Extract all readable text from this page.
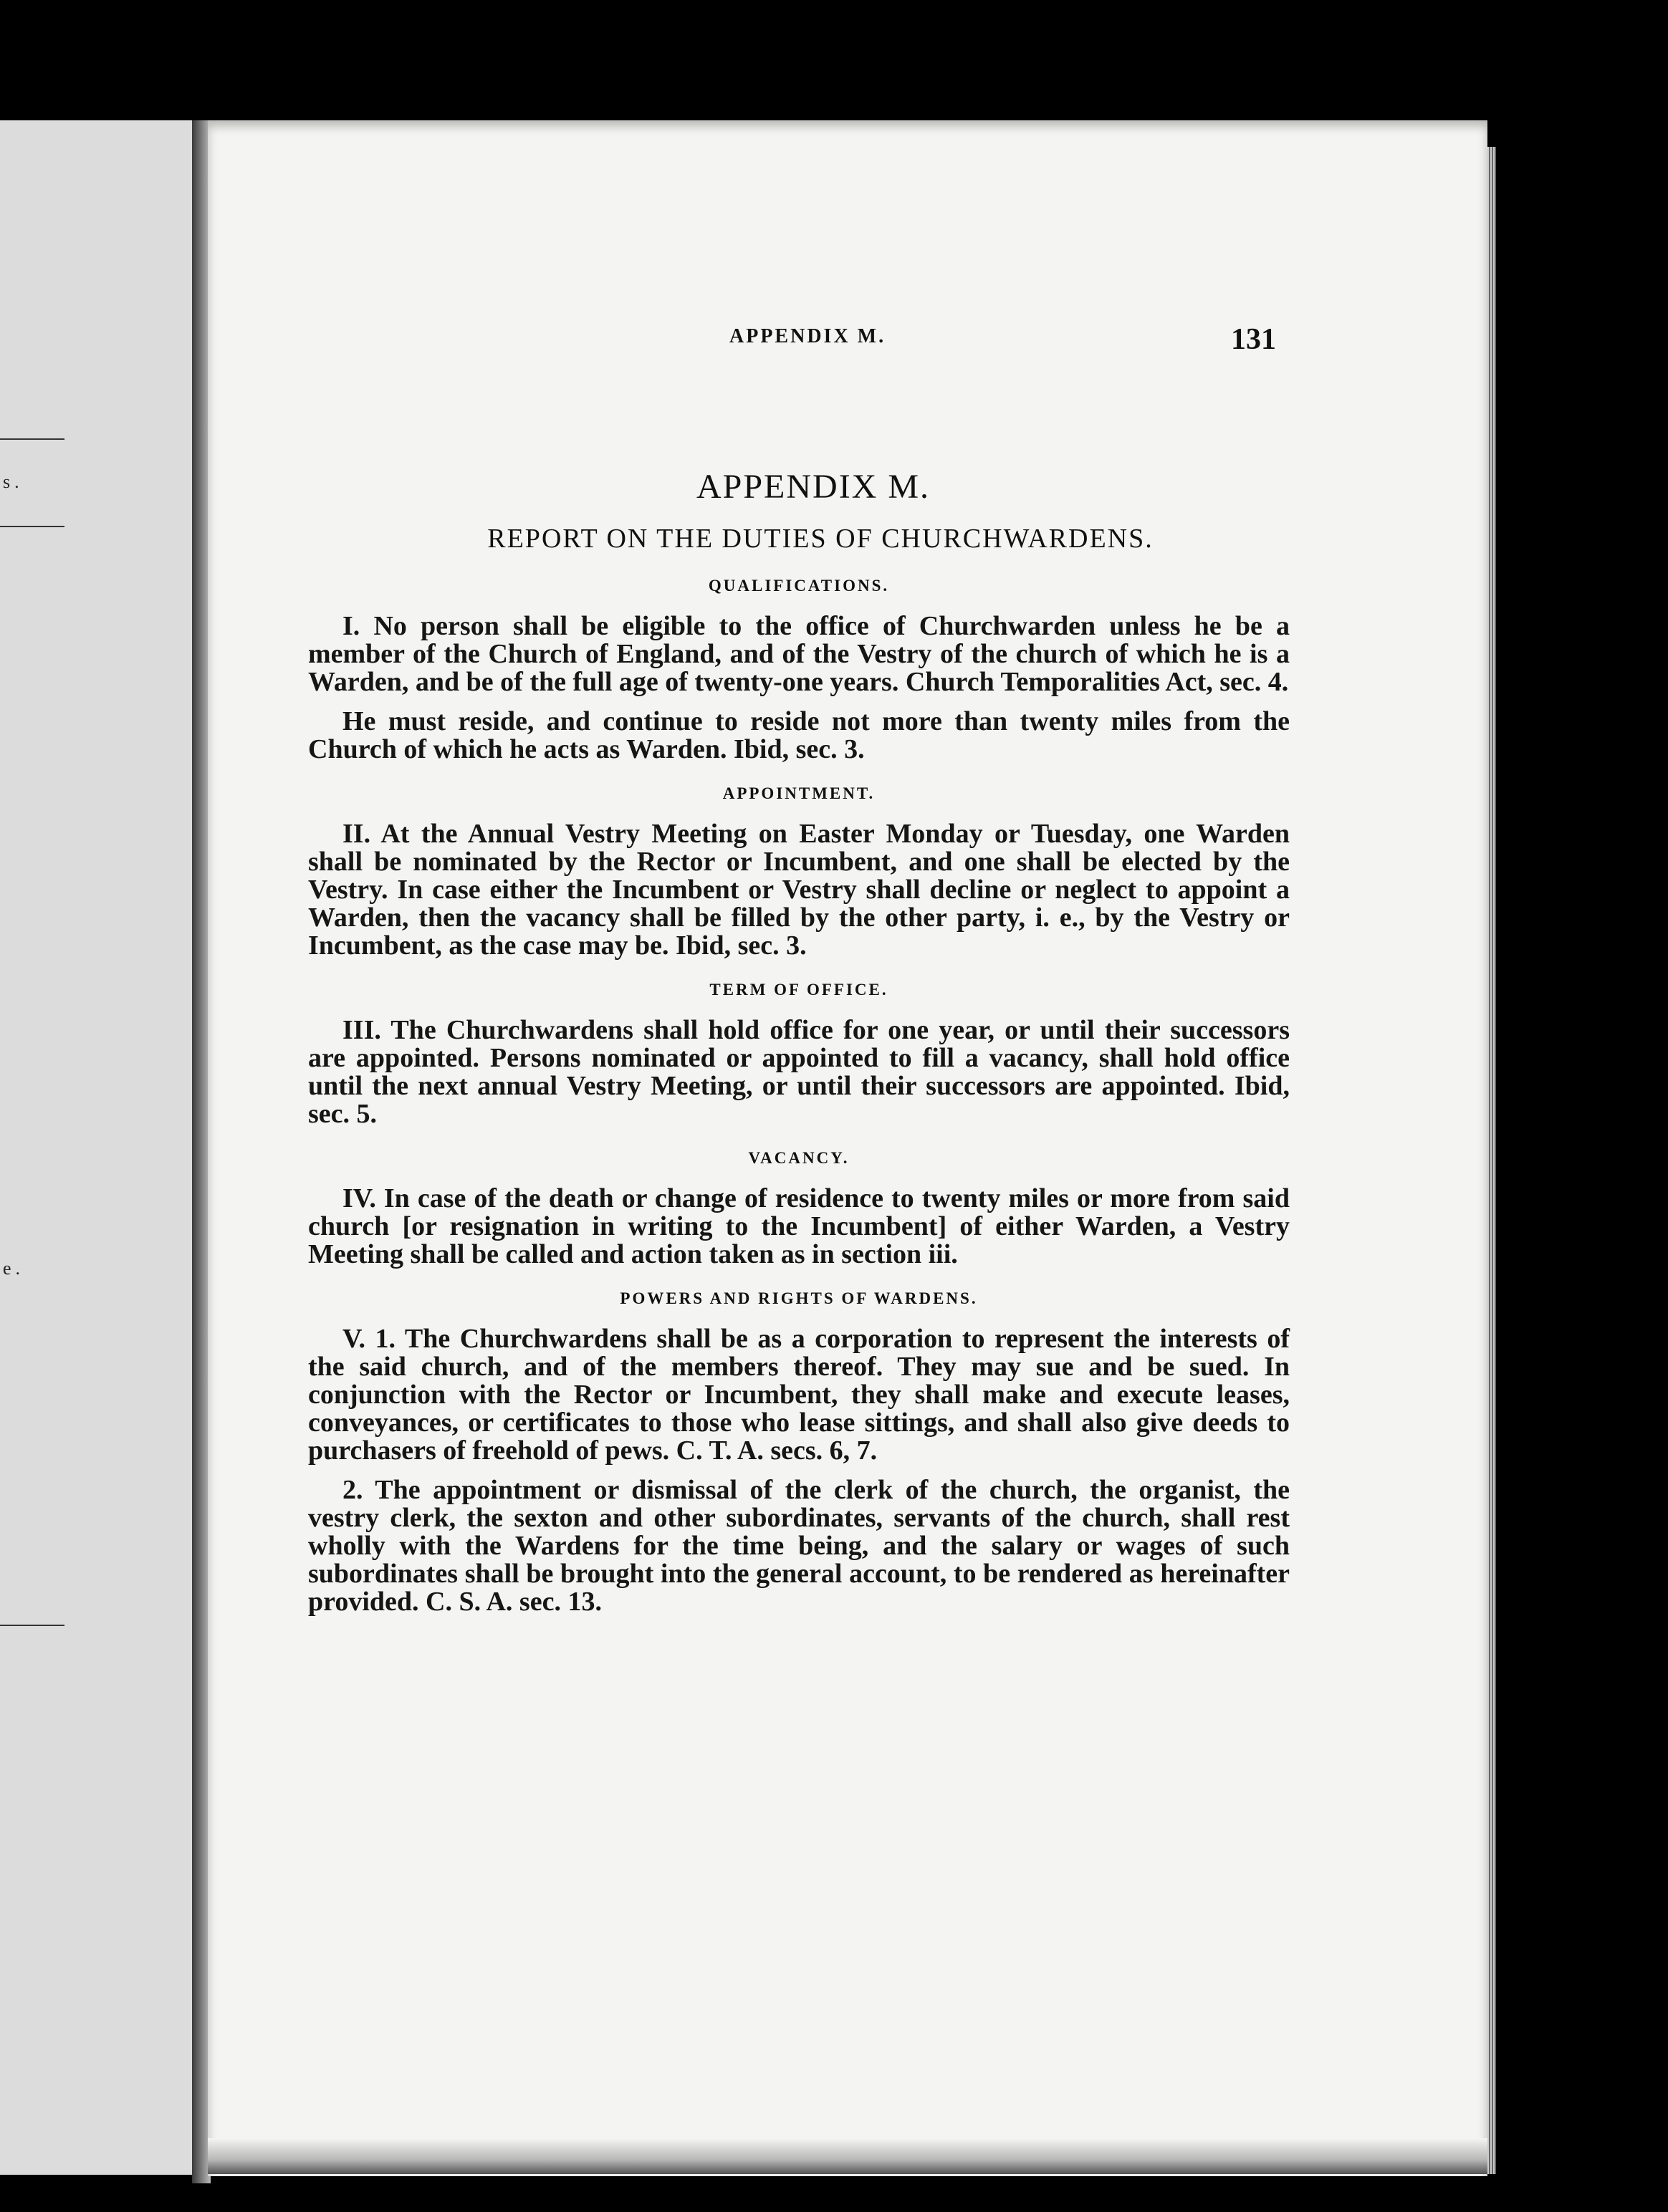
s.
e.
APPENDIX M.	131
APPENDIX M.
REPORT ON THE DUTIES OF CHURCHWARDENS.
QUALIFICATIONS.

I. No person shall be eligible to the office of Churchwarden unless he be a member of the Church of England, and of the Vestry of the church of which he is a Warden, and be of the full age of twenty-one years. Church Temporalities Act, sec. 4.

He must reside, and continue to reside not more than twenty miles from the Church of which he acts as Warden. Ibid, sec. 3.

APPOINTMENT.

II. At the Annual Vestry Meeting on Easter Monday or Tuesday, one Warden shall be nominated by the Rector or Incumbent, and one shall be elected by the Vestry. In case either the Incumbent or Vestry shall decline or neglect to appoint a Warden, then the vacancy shall be filled by the other party, i. e., by the Vestry or Incumbent, as the case may be. Ibid, sec. 3.

TERM OF OFFICE.

III. The Churchwardens shall hold office for one year, or until their successors are appointed. Persons nominated or appointed to fill a vacancy, shall hold office until the next annual Vestry Meeting, or until their successors are appointed. Ibid, sec. 5.

VACANCY.

IV. In case of the death or change of residence to twenty miles or more from said church [or resignation in writing to the Incumbent] of either Warden, a Vestry Meeting shall be called and action taken as in section iii.

POWERS AND RIGHTS OF WARDENS.

V. 1. The Churchwardens shall be as a corporation to represent the interests of the said church, and of the members thereof. They may sue and be sued. In conjunction with the Rector or Incumbent, they shall make and execute leases, conveyances, or certificates to those who lease sittings, and shall also give deeds to purchasers of freehold of pews. C. T. A. secs. 6, 7.

2. The appointment or dismissal of the clerk of the church, the organist, the vestry clerk, the sexton and other subordinates, servants of the church, shall rest wholly with the Wardens for the time being, and the salary or wages of such subordinates shall be brought into the general account, to be rendered as hereinafter provided. C. S. A. sec. 13.
